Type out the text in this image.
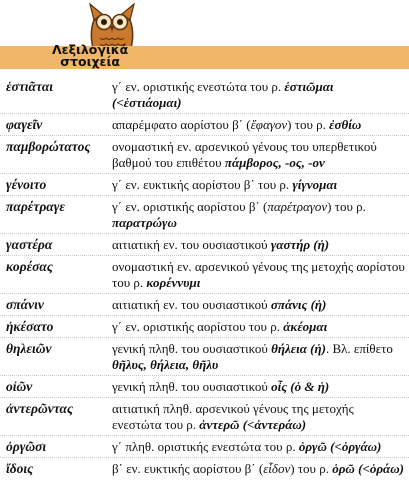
Λεξιλογικά
στοιχεία
ἑστιᾶται	γ΄ εν. οριστικής ενεστώτα του ρ. ἑστιῶμαι (<ἑστιάομαι)
φαγεῖν	απαρέμφατο αορίστου β΄ (ἔφαγον) του ρ. ἐσθίω
παμβορώτατος	ονομαστική εν. αρσενικού γένους του υπερθετικού βαθμού του επιθέτου πάμβορος, -ος, -ον
γένοιτο	γ΄ εν. ευκτικής αορίστου β΄ του ρ. γίγνομαι
παρέτραγε	γ΄ εν. οριστικής αορίστου β΄ (παρέτραγον) του ρ. παρατρώγω
γαστέρα	αιτιατική εν. του ουσιαστικού γαστήρ (ἡ)
κορέσας	ονομαστική εν. αρσενικού γένους της μετοχής αορίστου του ρ. κορέννυμι
σπάνιν	αιτιατική εν. του ουσιαστικού σπάνις (ἡ)
ἠκέσατο	γ΄ εν. οριστικής αορίστου του ρ. ἀκέομαι
θηλειῶν	γενική πληθ. του ουσιαστικού θήλεια (ἡ). Βλ. επίθετο θῆλυς, θήλεια, θῆλυ
οἰῶν	γενική πληθ. του ουσιαστικού οἶς (ὁ & ἡ)
ἀντερῶντας	αιτιατική πληθ. αρσενικού γένους της μετοχής ενεστώτα του ρ. ἀντερῶ (<ἀντεράω)
ὀργῶσι	γ΄ πληθ. οριστικής ενεστώτα του ρ. ὀργῶ (<ὀργάω)
ἴδοις	β΄ εν. ευκτικής αορίστου β΄ (εἶδον) του ρ. ὁρῶ (<ὁράω)
